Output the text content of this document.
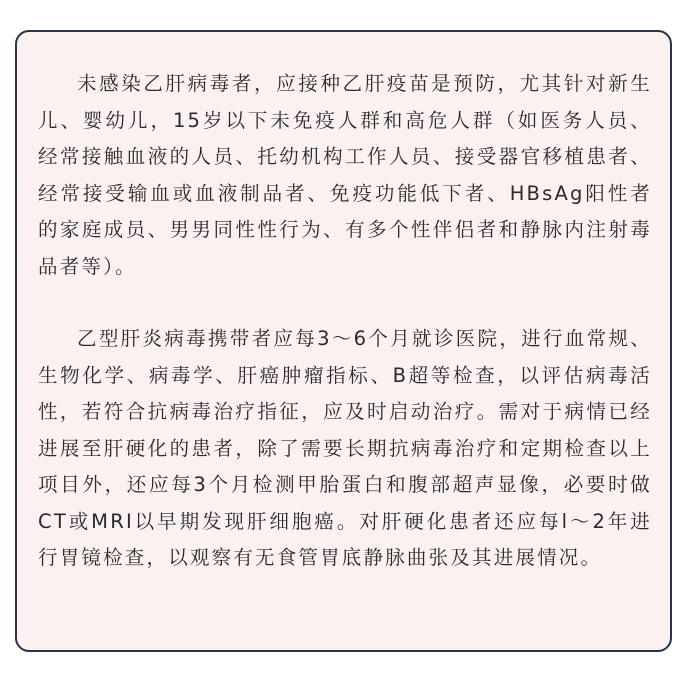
未感染乙肝病毒者，应接种乙肝疫苗是预防，尤其针对新生儿、婴幼儿，15岁以下未免疫人群和高危人群（如医务人员、经常接触血液的人员、托幼机构工作人员、接受器官移植患者、经常接受输血或血液制品者、免疫功能低下者、HBsAg阳性者的家庭成员、男男同性性行为、有多个性伴侣者和静脉内注射毒品者等）。

乙型肝炎病毒携带者应每3～6个月就诊医院，进行血常规、生物化学、病毒学、肝癌肿瘤指标、B超等检查，以评估病毒活性，若符合抗病毒治疗指征，应及时启动治疗。需对于病情已经进展至肝硬化的患者，除了需要长期抗病毒治疗和定期检查以上项目外，还应每3个月检测甲胎蛋白和腹部超声显像，必要时做CT或MRI以早期发现肝细胞癌。对肝硬化患者还应每l～2年进行胃镜检查，以观察有无食管胃底静脉曲张及其进展情况。
